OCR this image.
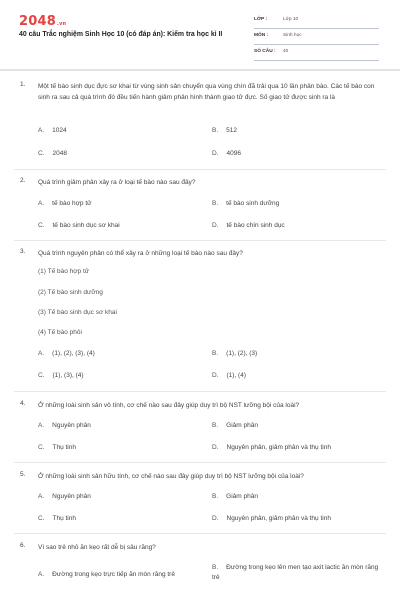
2048.vn
40 câu Trắc nghiệm Sinh Học 10 (có đáp án): Kiểm tra học kì II
LỚP :	Lớp 10
MÔN :	Sinh học
SỐ CÂU : 40
1. Một tế bào sinh dục đực sơ khai từ vùng sinh sản chuyển qua vùng chín đã trải qua 10 lần phân bào. Các tế bào con sinh ra sau cả quá trình đó đều tiến hành giảm phân hình thành giao tử đực. Số giao tử được sinh ra là
A. 1024	B. 512
C. 2048	D. 4096
2. Quá trình giảm phân xảy ra ở loại tế bào nào sau đây?
A. tế bào hợp tử	B. tế bào sinh dưỡng
C. tế bào sinh dục sơ khai	D. tế bào chín sinh dục
3. Quá trình nguyên phân có thể xảy ra ở những loại tế bào nào sau đây?
(1) Tế bào hợp tử
(2) Tế bào sinh dưỡng
(3) Tế bào sinh dục sơ khai
(4) Tế bào phôi
A. (1), (2), (3), (4)	B. (1), (2), (3)
C. (1), (3), (4)	D. (1), (4)
4. Ở những loài sinh sản vô tính, cơ chế nào sau đây giúp duy trì bộ NST lưỡng bội của loài?
A. Nguyên phân	B. Giảm phân
C. Thụ tinh	D. Nguyên phân, giảm phân và thụ tinh
5. Ở những loài sinh sản hữu tính, cơ chế nào sau đây giúp duy trì bộ NST lưỡng bội của loài?
A. Nguyên phân	B. Giảm phân
C. Thụ tinh	D. Nguyên phân, giảm phân và thụ tinh
6. Vì sao trẻ nhỏ ăn kẹo rất dễ bị sâu răng?
A. Đường trong kẹo trực tiếp ăn mòn răng trẻ
B. Đường trong kẹo lên men tạo axit lactic ăn mòn răng trẻ
